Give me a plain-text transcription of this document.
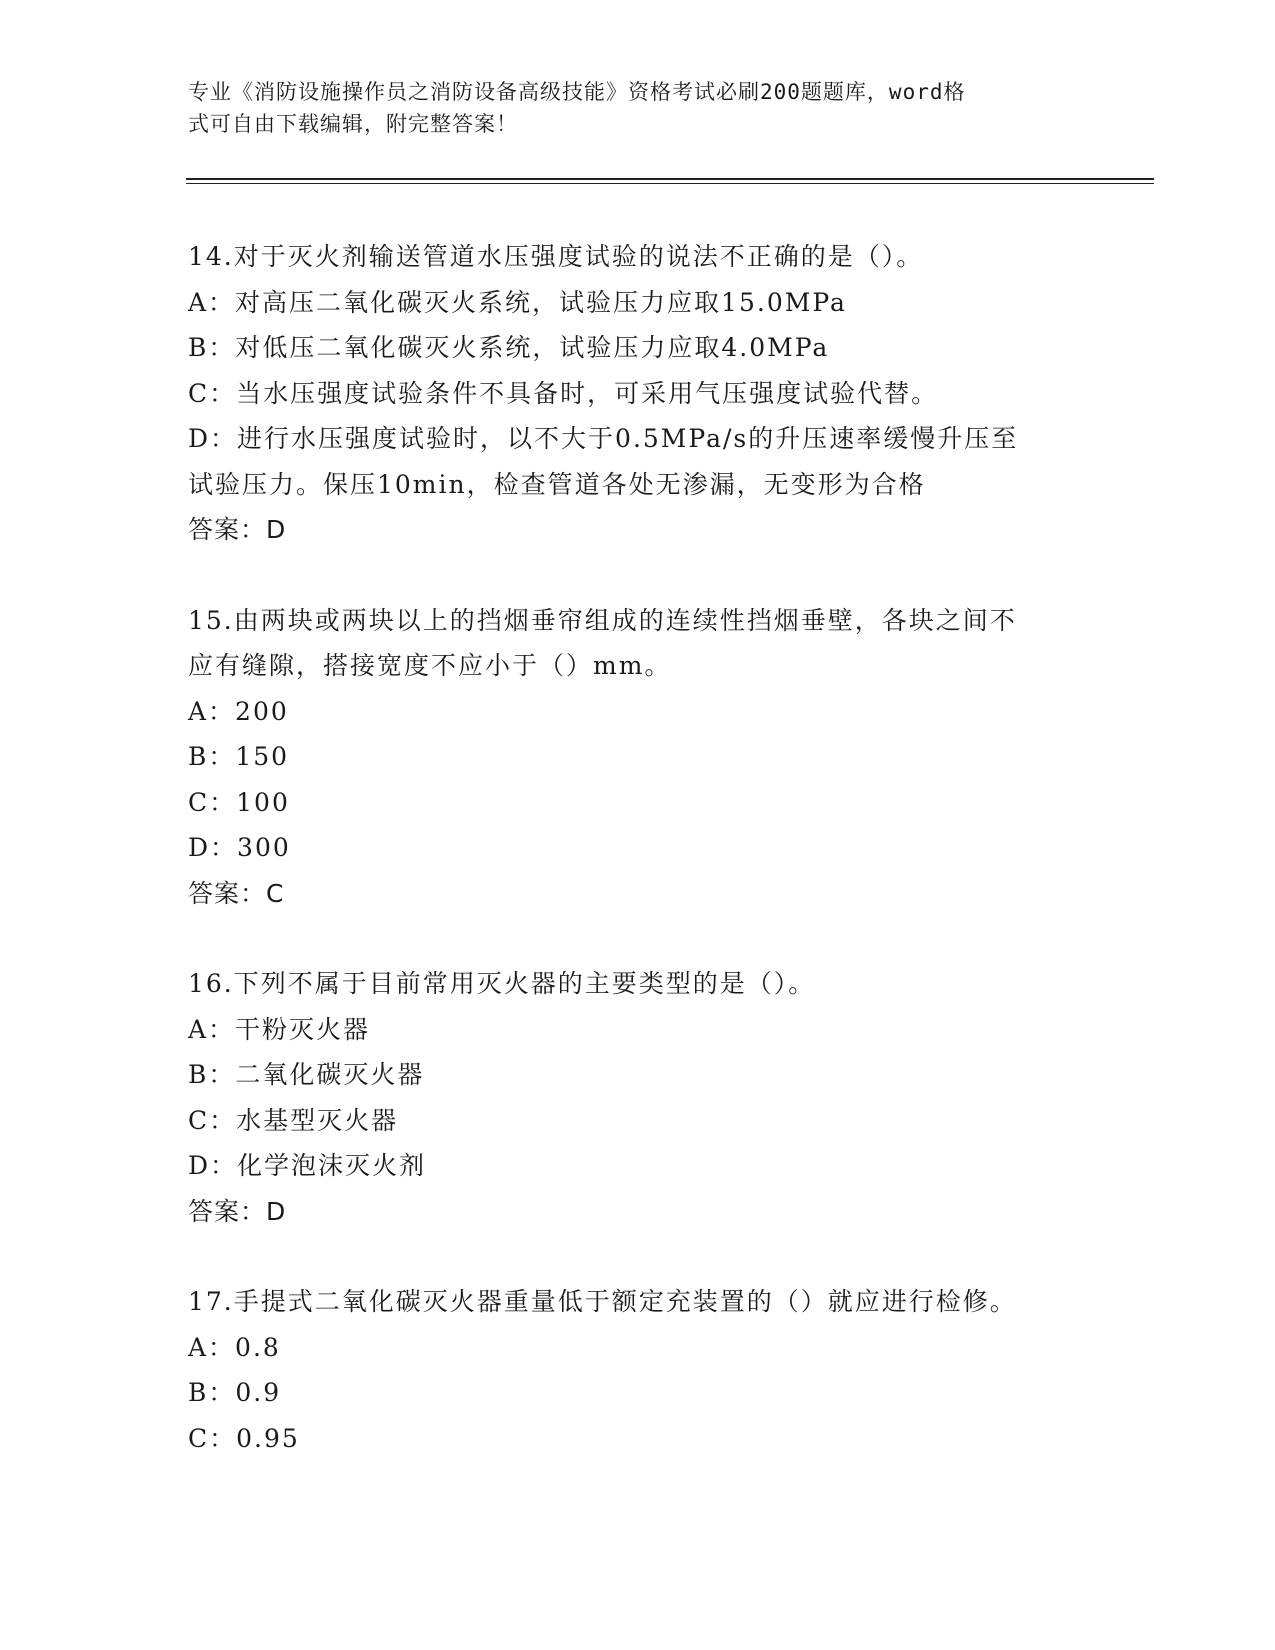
专业《消防设施操作员之消防设备高级技能》资格考试必刷200题题库，word格
式可自由下载编辑，附完整答案！
14.对于灭火剂输送管道水压强度试验的说法不正确的是（）。
A：对高压二氧化碳灭火系统，试验压力应取15.0MPa
B：对低压二氧化碳灭火系统，试验压力应取4.0MPa
C：当水压强度试验条件不具备时，可采用气压强度试验代替。
D：进行水压强度试验时，以不大于0.5MPa/s的升压速率缓慢升压至
试验压力。保压10min，检查管道各处无渗漏，无变形为合格
答案：D
15.由两块或两块以上的挡烟垂帘组成的连续性挡烟垂壁，各块之间不
应有缝隙，搭接宽度不应小于（）mm。
A：200
B：150
C：100
D：300
答案：C
16.下列不属于目前常用灭火器的主要类型的是（）。
A：干粉灭火器
B：二氧化碳灭火器
C：水基型灭火器
D：化学泡沫灭火剂
答案：D
17.手提式二氧化碳灭火器重量低于额定充装置的（）就应进行检修。
A：0.8
B：0.9
C：0.95
